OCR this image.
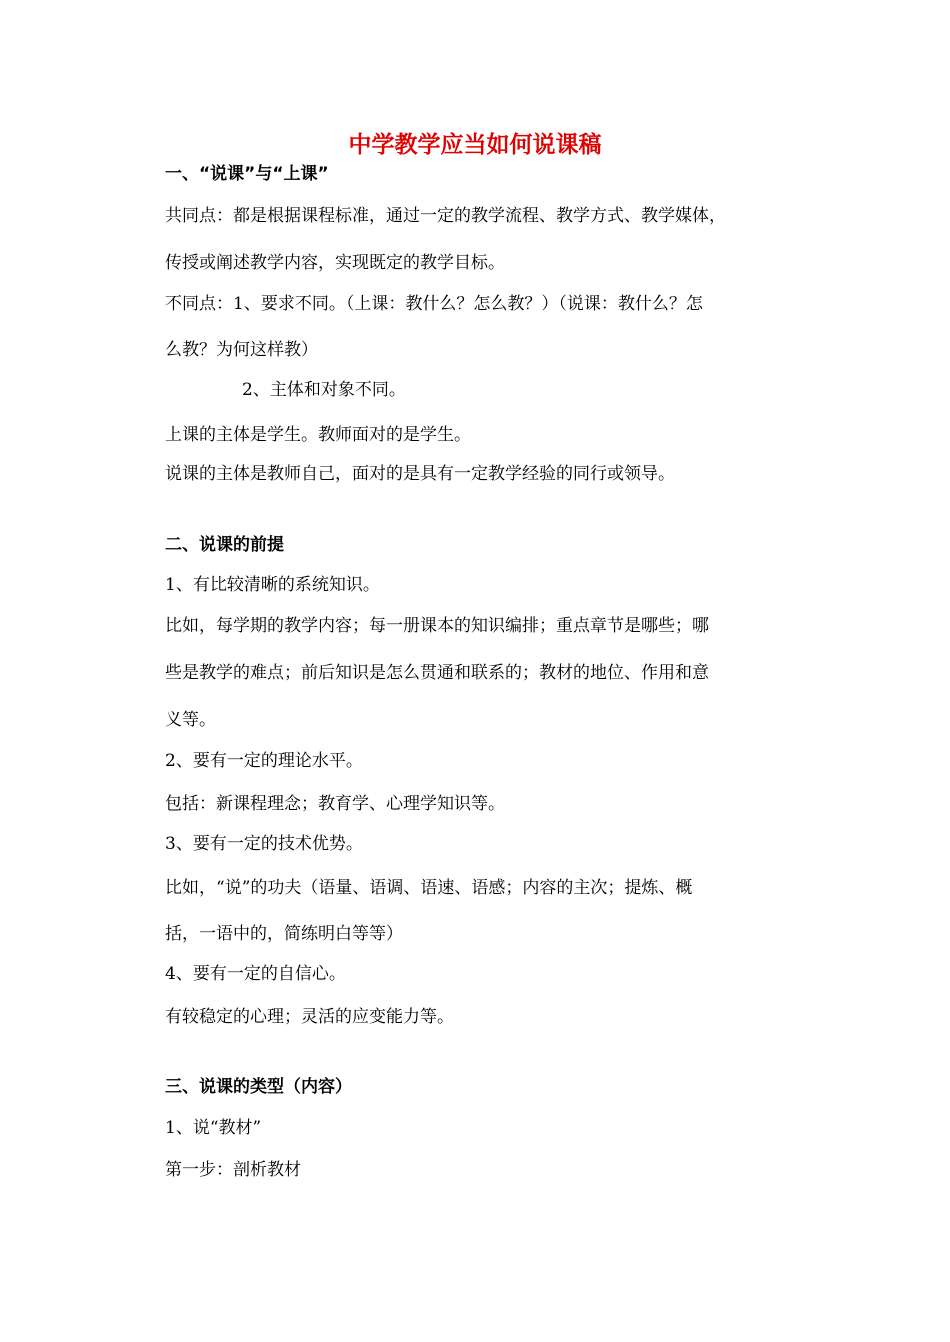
中学教学应当如何说课稿

一、“说课”与“上课”

共同点：都是根据课程标准，通过一定的教学流程、教学方式、教学媒体，

传授或阐述教学内容，实现既定的教学目标。

不同点：1、要求不同。（上课：教什么？怎么教？）（说课：教什么？怎

么教？为何这样教）

2、主体和对象不同。

上课的主体是学生。教师面对的是学生。

说课的主体是教师自己，面对的是具有一定教学经验的同行或领导。

二、说课的前提

1、有比较清晰的系统知识。

比如，每学期的教学内容；每一册课本的知识编排；重点章节是哪些；哪

些是教学的难点；前后知识是怎么贯通和联系的；教材的地位、作用和意

义等。

2、要有一定的理论水平。

包括：新课程理念；教育学、心理学知识等。

3、要有一定的技术优势。

比如，“说”的功夫（语量、语调、语速、语感；内容的主次；提炼、概

括，一语中的，简练明白等等）

4、要有一定的自信心。

有较稳定的心理；灵活的应变能力等。

三、说课的类型（内容）

1、说“教材”

第一步：剖析教材
